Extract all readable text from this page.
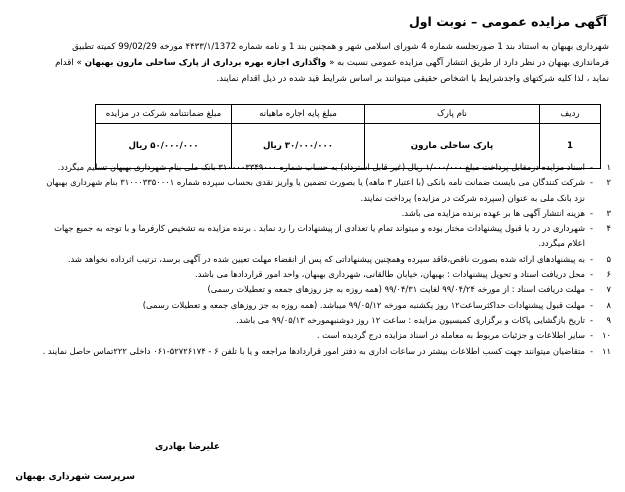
آگهی مزایده عمومی – نوبت اول
شهرداری بهبهان به استناد بند 1 صورتجلسه شماره 4 شورای اسلامی شهر و همچنین بند 1 و نامه شماره ۴۴۳۳/۱/1372 مورخه 99/02/29 کمیته تطبیق
فرمانداری بهبهان در نظر دارد از طریق انتشار آگهی مزایده عمومی نسبت به « واگذاری اجازه بهره برداری از پارک ساحلی مارون بهبهان » اقدام
نماید ، لذا کلیه شرکتهای واجدشرایط یا اشخاص حقیقی میتوانند بر اساس شرایط قید شده در ذیل اقدام نمایند.
ردیف	نام پارک	مبلغ پایه اجاره ماهیانه	مبلغ ضمانتنامه شرکت در مزایده
1	پارک ساحلی مارون	۳۰/۰۰۰/۰۰۰ ریال	۵۰/۰۰۰/۰۰۰ ریال
۱
-
اسناد مزایده درمقابل پرداخت مبلغ ۱/۰۰۰/۰۰۰ ریال (غیر قابل استرداد) به حساب شماره ۳۱۰۰۰۰۳۳۴۹۰۰۰ بانک ملی بنام شهرداری بهبهان تسلیم میگردد.
۲
-
شرکت کنندگان می بایست ضمانت نامه بانکی (با اعتبار ۳ ماهه) یا بصورت تضمین یا واریز نقدی بحساب سپرده شماره ۳۱۰۰۰۳۳۵۰۰۰۱ بنام شهرداری بهبهان
نزد بانک ملی به عنوان (سپرده شرکت در مزایده) پرداخت نمایند.
۳
-
هزینه انتشار آگهی ها بر عهده برنده مزایده می باشد.
۴
-
شهرداری در رد یا قبول پیشنهادات مختار بوده و میتواند تمام یا تعدادی از پیشنهادات را رد نماید . برنده مزایده به تشخیص کارفرما و با توجه به جمیع جهات
اعلام میگردد.
۵
-
به پیشنهادهای ارائه شده بصورت ناقص،فاقد سپرده وهمچنین پیشنهاداتی که پس از انقضاء مهلت تعیین شده در آگهی برسد، ترتیب اثرداده نخواهد شد.
۶
-
محل دریافت اسناد و تحویل پیشنهادات : بهبهان، خیابان طالقانی، شهرداری بهبهان، واحد امور قراردادها می باشد.
۷
-
مهلت دریافت اسناد : از مورخه ۹۹/۰۴/۲۴ لغایت ۹۹/۰۴/۳۱ (همه روزه به جز روزهای جمعه و تعطیلات رسمی)
۸
-
مهلت قبول پیشنهادات حداکثرساعت۱۲ روز یکشنبه مورخه ۹۹/۰۵/۱۲ میباشد. (همه روزه به جز روزهای جمعه و تعطیلات رسمی)
۹
-
تاریخ بازگشایی پاکات و برگزاری کمیسیون مزایده : ساعت ۱۲ روز دوشنبهمورخه ۹۹/۰۵/۱۳ می باشد.
۱۰
-
سایر اطلاعات و جزئیات مربوط به معامله در اسناد مزایده درج گردیده است .
۱۱
-
متقاضیان میتوانند جهت کسب اطلاعات بیشتر در ساعات اداری به دفتر امور قراردادها مراجعه و یا با تلفن ۶ - ۵۲۷۲۶۱۷۴-۰۶۱ داخلی ۲۲۲تماس حاصل نمایند .
علیرضا بهادری
سرپرست شهرداری بهبهان
